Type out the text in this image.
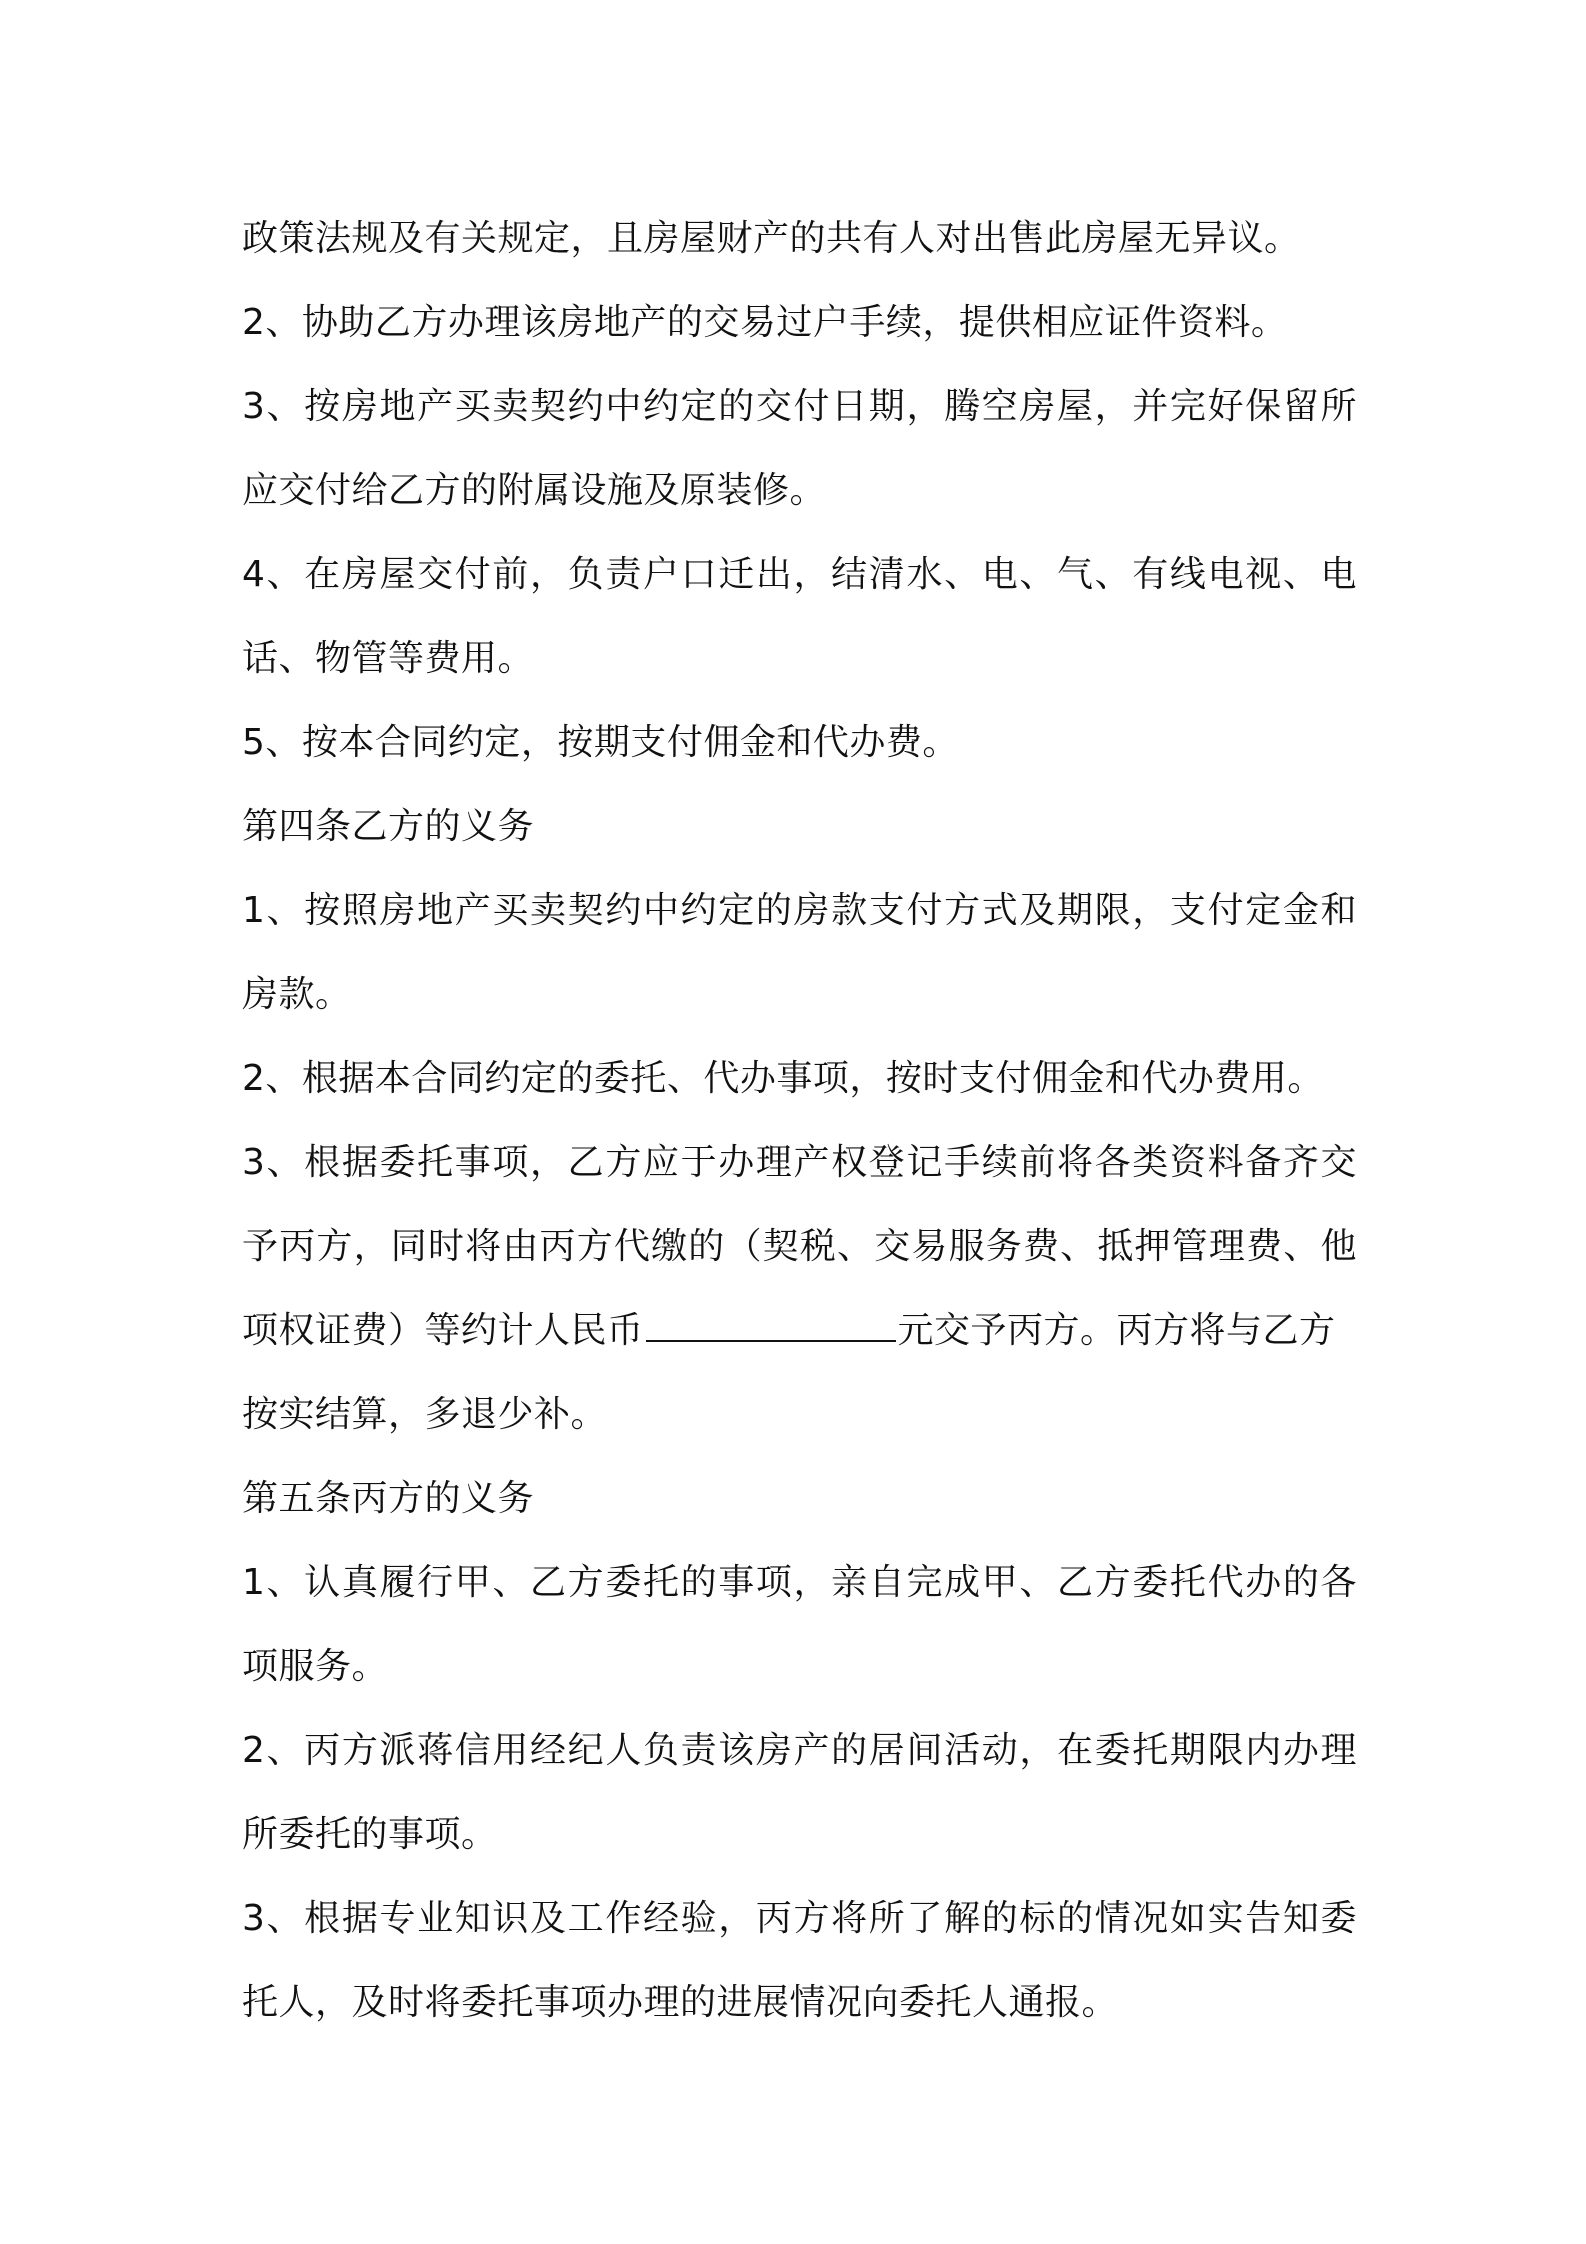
政策法规及有关规定，且房屋财产的共有人对出售此房屋无异议。
2、协助乙方办理该房地产的交易过户手续，提供相应证件资料。
3、按房地产买卖契约中约定的交付日期，腾空房屋，并完好保留所
应交付给乙方的附属设施及原装修。
4、在房屋交付前，负责户口迁出，结清水、电、气、有线电视、电
话、物管等费用。
5、按本合同约定，按期支付佣金和代办费。
第四条乙方的义务
1、按照房地产买卖契约中约定的房款支付方式及期限，支付定金和
房款。
2、根据本合同约定的委托、代办事项，按时支付佣金和代办费用。
3、根据委托事项，乙方应于办理产权登记手续前将各类资料备齐交
予丙方，同时将由丙方代缴的（契税、交易服务费、抵押管理费、他
项权证费）等约计人民币	元交予丙方。丙方将与乙方
按实结算，多退少补。
第五条丙方的义务
1、认真履行甲、乙方委托的事项，亲自完成甲、乙方委托代办的各
项服务。
2、丙方派蒋信用经纪人负责该房产的居间活动，在委托期限内办理
所委托的事项。
3、根据专业知识及工作经验，丙方将所了解的标的情况如实告知委
托人，及时将委托事项办理的进展情况向委托人通报。
